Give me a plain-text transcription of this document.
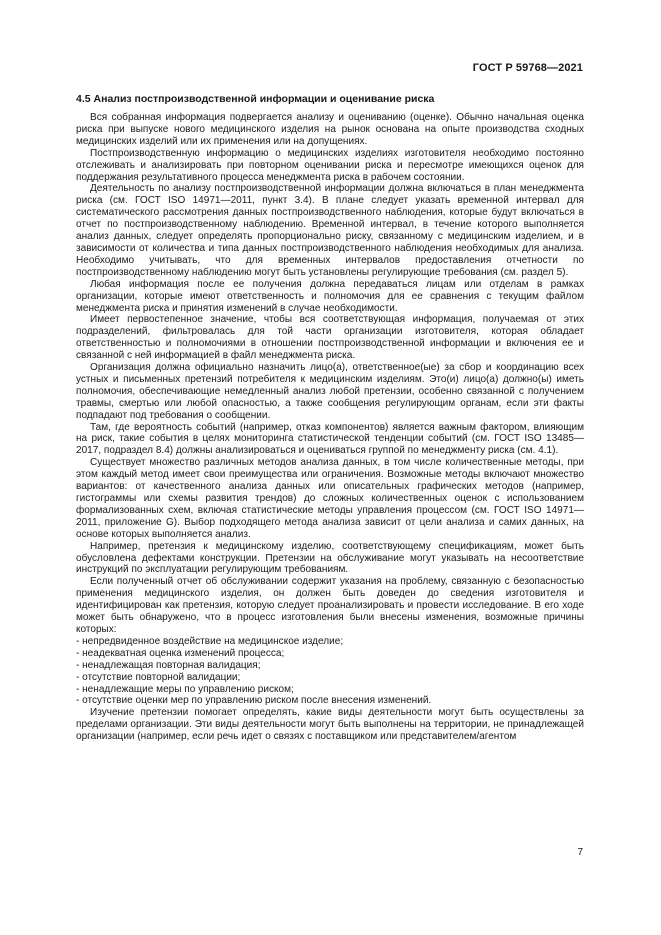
ГОСТ Р 59768—2021

4.5 Анализ постпроизводственной информации и оценивание риска

Вся собранная информация подвергается анализу и оцениванию (оценке). Обычно начальная оценка риска при выпуске нового медицинского изделия на рынок основана на опыте производства сходных медицинских изделий или их применения или на допущениях.

Постпроизводственную информацию о медицинских изделиях изготовителя необходимо постоянно отслеживать и анализировать при повторном оценивании риска и пересмотре имеющихся оценок для поддержания результативного процесса менеджмента риска в рабочем состоянии.

Деятельность по анализу постпроизводственной информации должна включаться в план менеджмента риска (см. ГОСТ ISO 14971—2011, пункт 3.4). В плане следует указать временной интервал для систематического рассмотрения данных постпроизводственного наблюдения, которые будут включаться в отчет по постпроизводственному наблюдению. Временной интервал, в течение которого выполняется анализ данных, следует определять пропорционально риску, связанному с медицинским изделием, и в зависимости от количества и типа данных постпроизводственного наблюдения необходимых для анализа. Необходимо учитывать, что для временных интервалов предоставления отчетности по постпроизводственному наблюдению могут быть установлены регулирующие требования (см. раздел 5).

Любая информация после ее получения должна передаваться лицам или отделам в рамках организации, которые имеют ответственность и полномочия для ее сравнения с текущим файлом менеджмента риска и принятия изменений в случае необходимости.

Имеет первостепенное значение, чтобы вся соответствующая информация, получаемая от этих подразделений, фильтровалась для той части организации изготовителя, которая обладает ответственностью и полномочиями в отношении постпроизводственной информации и включения ее и связанной с ней информацией в файл менеджмента риска.

Организация должна официально назначить лицо(а), ответственное(ые) за сбор и координацию всех устных и письменных претензий потребителя к медицинским изделиям. Это(и) лицо(а) должно(ы) иметь полномочия, обеспечивающие немедленный анализ любой претензии, особенно связанной с получением травмы, смертью или любой опасностью, а также сообщения регулирующим органам, если эти факты подпадают под требования о сообщении.

Там, где вероятность событий (например, отказ компонентов) является важным фактором, влияющим на риск, такие события в целях мониторинга статистической тенденции событий (см. ГОСТ ISO 13485—2017, подраздел 8.4) должны анализироваться и оцениваться группой по менеджменту риска (см. 4.1).

Существует множество различных методов анализа данных, в том числе количественные методы, при этом каждый метод имеет свои преимущества или ограничения. Возможные методы включают множество вариантов: от качественного анализа данных или описательных графических методов (например, гистограммы или схемы развития трендов) до сложных количественных оценок с использованием формализованных схем, включая статистические методы управления процессом (см. ГОСТ ISO 14971—2011, приложение G). Выбор подходящего метода анализа зависит от цели анализа и самих данных, на основе которых выполняется анализ.

Например, претензия к медицинскому изделию, соответствующему спецификациям, может быть обусловлена дефектами конструкции. Претензии на обслуживание могут указывать на несоответствие инструкций по эксплуатации регулирующим требованиям.

Если полученный отчет об обслуживании содержит указания на проблему, связанную с безопасностью применения медицинского изделия, он должен быть доведен до сведения изготовителя и идентифицирован как претензия, которую следует проанализировать и провести исследование. В его ходе может быть обнаружено, что в процесс изготовления были внесены изменения, возможные причины которых:

- непредвиденное воздействие на медицинское изделие;
- неадекватная оценка изменений процесса;
- ненадлежащая повторная валидация;
- отсутствие повторной валидации;
- ненадлежащие меры по управлению риском;
- отсутствие оценки мер по управлению риском после внесения изменений.

Изучение претензии помогает определять, какие виды деятельности могут быть осуществлены за пределами организации. Эти виды деятельности могут быть выполнены на территории, не принадлежащей организации (например, если речь идет о связях с поставщиком или представителем/агентом

7
